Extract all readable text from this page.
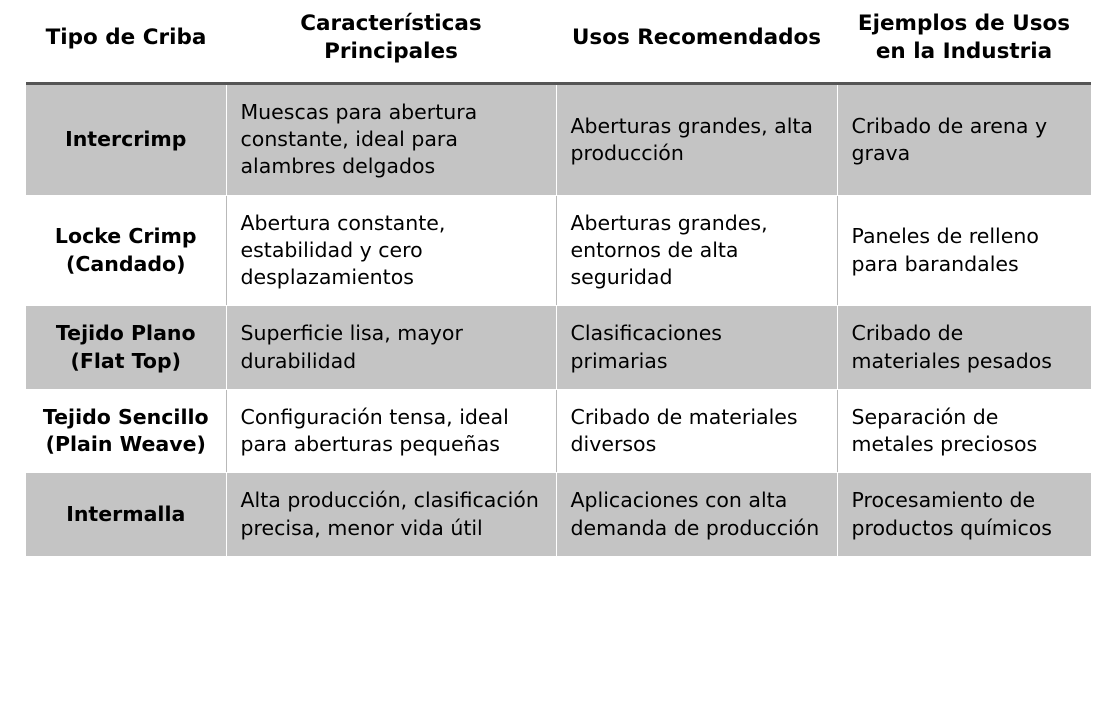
Tipo de Criba	Características Principales	Usos Recomendados	Ejemplos de Usos en la Industria
Intercrimp	Muescas para abertura constante, ideal para alambres delgados	Aberturas grandes, alta producción	Cribado de arena y grava
Locke Crimp (Candado)	Abertura constante, estabilidad y cero desplazamientos	Aberturas grandes, entornos de alta seguridad	Paneles de relleno para barandales
Tejido Plano (Flat Top)	Superficie lisa, mayor durabilidad	Clasificaciones primarias	Cribado de materiales pesados
Tejido Sencillo (Plain Weave)	Configuración tensa, ideal para aberturas pequeñas	Cribado de materiales diversos	Separación de metales preciosos
Intermalla	Alta producción, clasificación precisa, menor vida útil	Aplicaciones con alta demanda de producción	Procesamiento de productos químicos
